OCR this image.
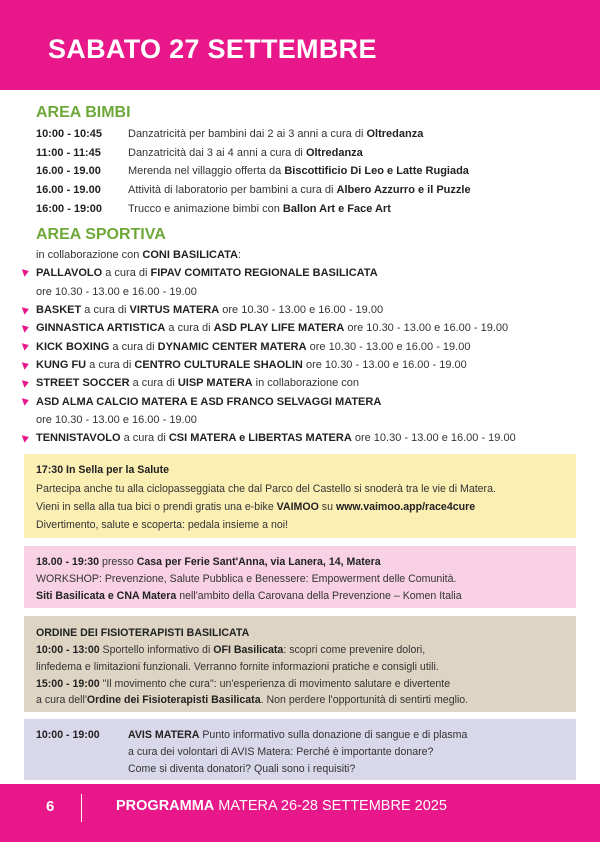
SABATO 27 SETTEMBRE
AREA BIMBI
10:00 - 10:45 Danzatricità per bambini dai 2 ai 3 anni a cura di Oltredanza
11:00 - 11:45 Danzatricità dai 3 ai 4 anni a cura di Oltredanza
16.00 - 19.00 Merenda nel villaggio offerta da Biscottificio Di Leo e Latte Rugiada
16.00 - 19.00 Attività di laboratorio per bambini a cura di Albero Azzurro e il Puzzle
16:00 - 19:00 Trucco e animazione bimbi con Ballon Art e Face Art
AREA SPORTIVA
in collaborazione con CONI BASILICATA:
PALLAVOLO a cura di FIPAV COMITATO REGIONALE BASILICATA
ore 10.30 - 13.00 e 16.00 - 19.00
BASKET a cura di VIRTUS MATERA ore 10.30 - 13.00 e 16.00 - 19.00
GINNASTICA ARTISTICA a cura di ASD PLAY LIFE MATERA ore 10.30 - 13.00 e 16.00 - 19.00
KICK BOXING a cura di DYNAMIC CENTER MATERA ore 10.30 - 13.00 e 16.00 - 19.00
KUNG FU a cura di CENTRO CULTURALE SHAOLIN ore 10.30 - 13.00 e 16.00 - 19.00
STREET SOCCER a cura di UISP MATERA in collaborazione con
ASD ALMA CALCIO MATERA E ASD FRANCO SELVAGGI MATERA
ore 10.30 - 13.00 e 16.00 - 19.00
TENNISTAVOLO a cura di CSI MATERA e LIBERTAS MATERA ore 10.30 - 13.00 e 16.00 - 19.00
17:30 In Sella per la Salute
Partecipa anche tu alla ciclopasseggiata che dal Parco del Castello si snoderà tra le vie di Matera.
Vieni in sella alla tua bici o prendi gratis una e-bike VAIMOO su www.vaimoo.app/race4cure
Divertimento, salute e scoperta: pedala insieme a noi!
18.00 - 19:30 presso Casa per Ferie Sant'Anna, via Lanera, 14, Matera
WORKSHOP: Prevenzione, Salute Pubblica e Benessere: Empowerment delle Comunità.
Siti Basilicata e CNA Matera nell'ambito della Carovana della Prevenzione – Komen Italia
ORDINE DEI FISIOTERAPISTI BASILICATA
10:00 - 13:00 Sportello informativo di OFI Basilicata: scopri come prevenire dolori,
linfedema e limitazioni funzionali. Verranno fornite informazioni pratiche e consigli utili.
15:00 - 19:00 "Il movimento che cura": un'esperienza di movimento salutare e divertente
a cura dell'Ordine dei Fisioterapisti Basilicata. Non perdere l'opportunità di sentirti meglio.
10:00 - 19:00	AVIS MATERA Punto informativo sulla donazione di sangue e di plasma
a cura dei volontari di AVIS Matera: Perché è importante donare?
Come si diventa donatori? Quali sono i requisiti?
6	PROGRAMMA MATERA 26-28 SETTEMBRE 2025
